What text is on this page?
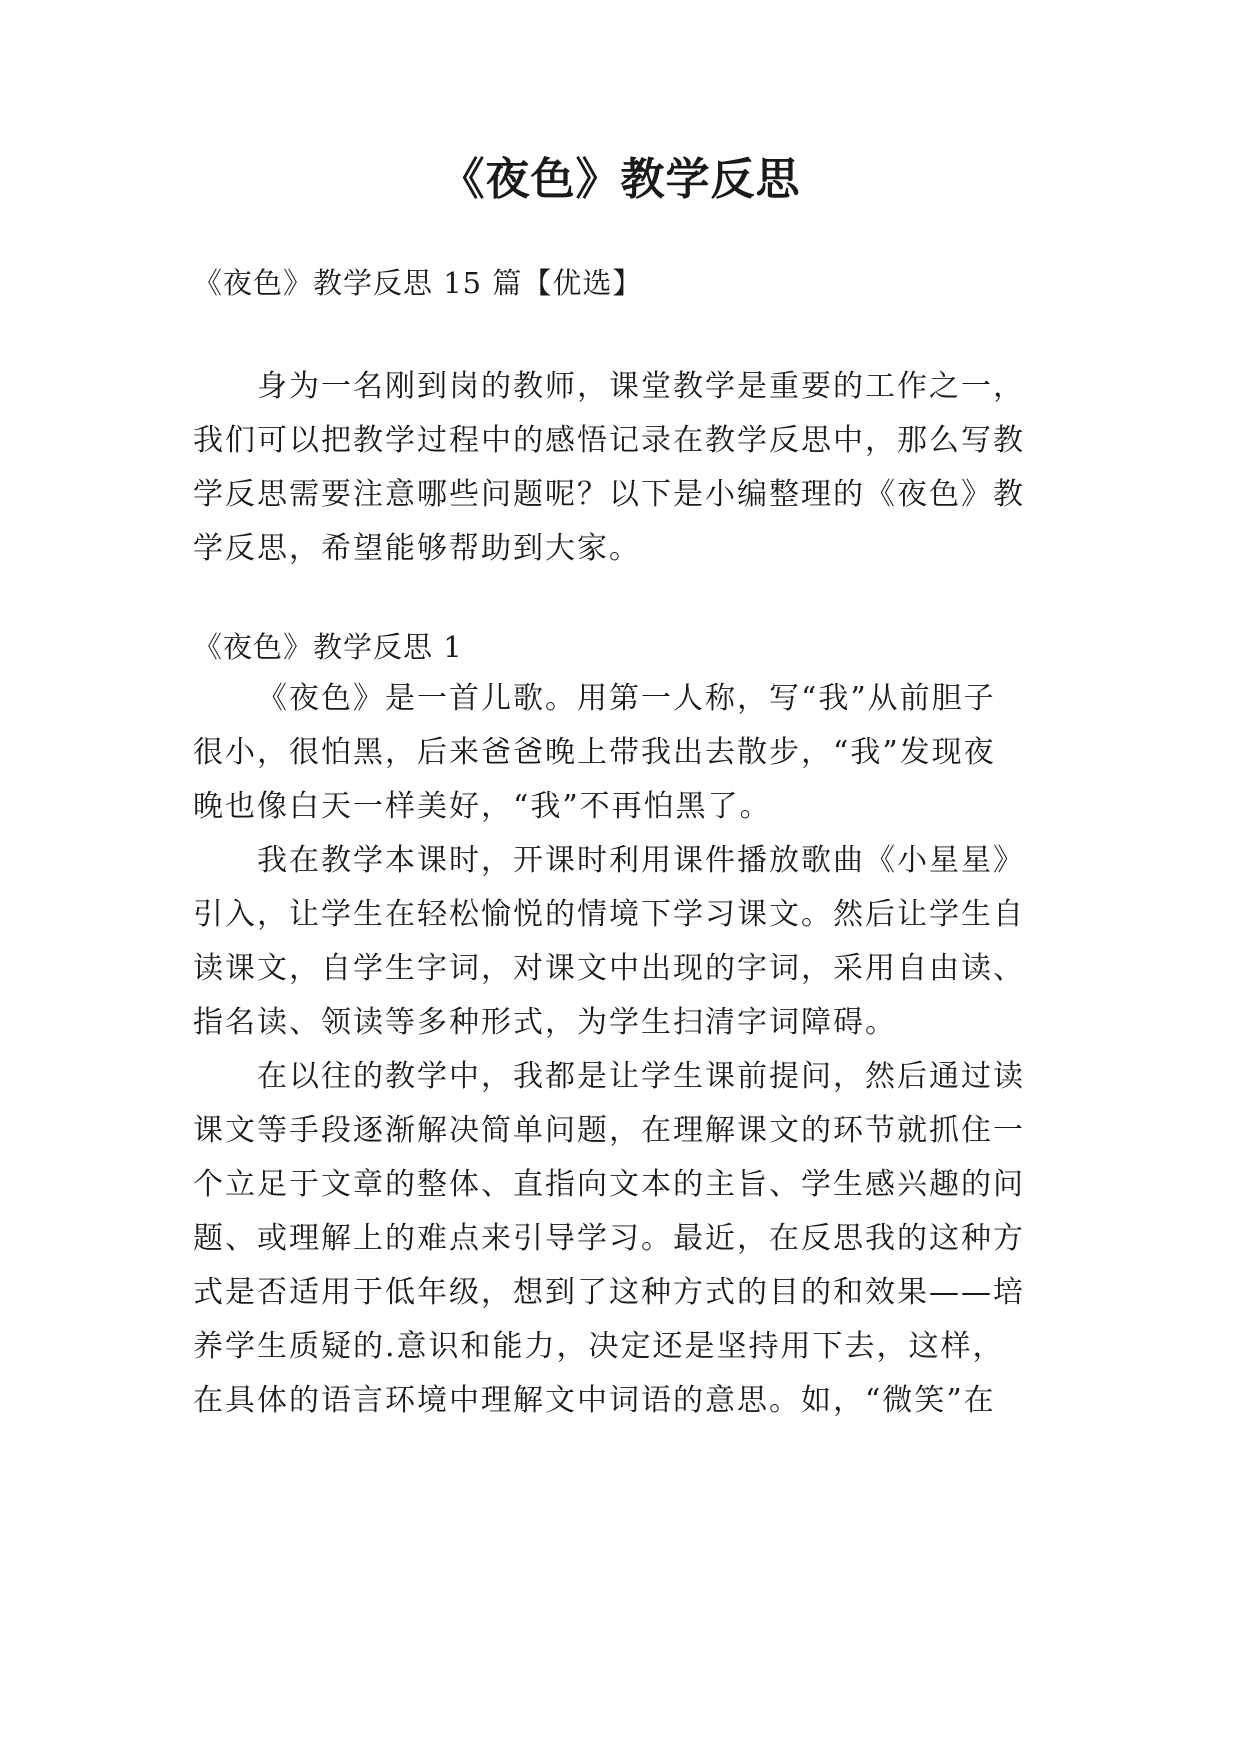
《夜色》教学反思
《夜色》教学反思 15 篇【优选】
身为一名刚到岗的教师，课堂教学是重要的工作之一，
我们可以把教学过程中的感悟记录在教学反思中，那么写教
学反思需要注意哪些问题呢？以下是小编整理的《夜色》教
学反思，希望能够帮助到大家。
《夜色》教学反思 1
《夜色》是一首儿歌。用第一人称，写“我”从前胆子
很小，很怕黑，后来爸爸晚上带我出去散步，“我”发现夜
晚也像白天一样美好，“我”不再怕黑了。
我在教学本课时，开课时利用课件播放歌曲《小星星》
引入，让学生在轻松愉悦的情境下学习课文。然后让学生自
读课文，自学生字词，对课文中出现的字词，采用自由读、
指名读、领读等多种形式，为学生扫清字词障碍。
在以往的教学中，我都是让学生课前提问，然后通过读
课文等手段逐渐解决简单问题，在理解课文的环节就抓住一
个立足于文章的整体、直指向文本的主旨、学生感兴趣的问
题、或理解上的难点来引导学习。最近，在反思我的这种方
式是否适用于低年级，想到了这种方式的目的和效果——培
养学生质疑的.意识和能力，决定还是坚持用下去，这样，
在具体的语言环境中理解文中词语的意思。如，“微笑”在
